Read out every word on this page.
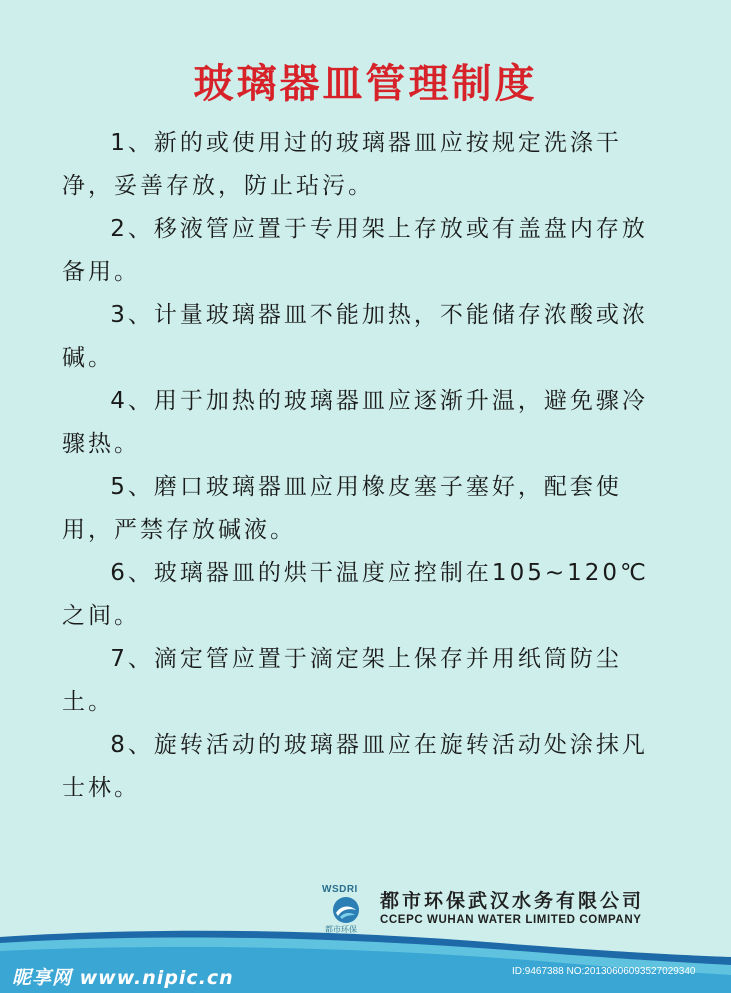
玻璃器皿管理制度

1、新的或使用过的玻璃器皿应按规定洗涤干净，妥善存放，防止玷污。

2、移液管应置于专用架上存放或有盖盘内存放备用。

3、计量玻璃器皿不能加热，不能储存浓酸或浓碱。

4、用于加热的玻璃器皿应逐渐升温，避免骤冷骤热。

5、磨口玻璃器皿应用橡皮塞子塞好，配套使用，严禁存放碱液。

6、玻璃器皿的烘干温度应控制在105~120℃之间。

7、滴定管应置于滴定架上保存并用纸筒防尘土。

8、旋转活动的玻璃器皿应在旋转活动处涂抹凡士林。

WSDRI
都市环保
都市环保武汉水务有限公司
CCEPC WUHAN WATER LIMITED COMPANY
昵享网 www.nipic.cn	ID:9467388 NO:20130606093527029340
